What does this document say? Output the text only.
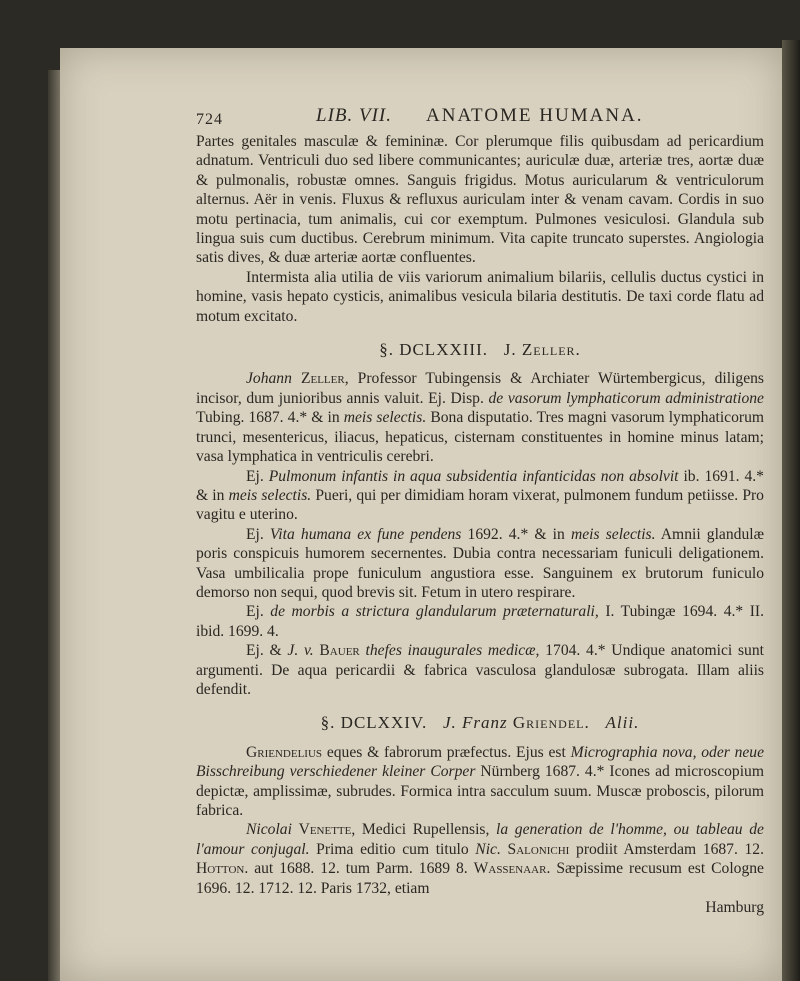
724	LIB. VII. ANATOME HUMANA.

Partes genitales masculæ & femininæ. Cor plerumque filis quibusdam ad pericardium adnatum. Ventriculi duo sed libere communicantes; auriculæ duæ, arteriæ tres, aortæ duæ & pulmonalis, robustæ omnes. Sanguis frigidus. Motus auricularum & ventriculorum alternus. Aër in venis. Fluxus & refluxus auriculam inter & venam cavam. Cordis in suo motu pertinacia, tum animalis, cui cor exemptum. Pulmones vesiculosi. Glandula sub lingua suis cum ductibus. Cerebrum minimum. Vita capite truncato superstes. Angiologia satis dives, & duæ arteriæ aortæ confluentes.

Intermista alia utilia de viis variorum animalium bilariis, cellulis ductus cystici in homine, vasis hepato cysticis, animalibus vesicula bilaria destitutis. De taxi corde flatu ad motum excitato.

§. DCLXXIII. J. Zeller.

Johann Zeller, Professor Tubingensis & Archiater Würtembergicus, diligens incisor, dum junioribus annis valuit. Ej. Disp. de vasorum lymphaticorum administratione Tubing. 1687. 4.* & in meis selectis. Bona disputatio. Tres magni vasorum lymphaticorum trunci, mesentericus, iliacus, hepaticus, cisternam constituentes in homine minus latam; vasa lymphatica in ventriculis cerebri.

Ej. Pulmonum infantis in aqua subsidentia infanticidas non absolvit ib. 1691. 4.* & in meis selectis. Pueri, qui per dimidiam horam vixerat, pulmonem fundum petiisse. Pro vagitu e uterino.

Ej. Vita humana ex fune pendens 1692. 4.* & in meis selectis. Amnii glandulæ poris conspicuis humorem secernentes. Dubia contra necessariam funiculi deligationem. Vasa umbilicalia prope funiculum angustiora esse. Sanguinem ex brutorum funiculo demorso non sequi, quod brevis sit. Fetum in utero respirare.

Ej. de morbis a strictura glandularum præternaturali, I. Tubingæ 1694. 4.* II. ibid. 1699. 4.

Ej. & J. v. Bauer thefes inaugurales medicæ, 1704. 4.* Undique anatomici sunt argumenti. De aqua pericardii & fabrica vasculosa glandulosæ subrogata. Illam aliis defendit.

§. DCLXXIV. J. Franz Griendel. Alii.

Griendelius eques & fabrorum præfectus. Ejus est Micrographia nova, oder neue Bisschreibung verschiedener kleiner Corper Nürnberg 1687. 4.* Icones ad microscopium depictæ, amplissimæ, subrudes. Formica intra sacculum suum. Muscæ proboscis, pilorum fabrica.

Nicolai Venette, Medici Rupellensis, la generation de l'homme, ou tableau de l'amour conjugal. Prima editio cum titulo Nic. Salonichi prodiit Amsterdam 1687. 12. Hotton. aut 1688. 12. tum Parm. 1689 8. Wassenaar. Sæpissime recusum est Cologne 1696. 12. 1712. 12. Paris 1732, etiam

Hamburg
